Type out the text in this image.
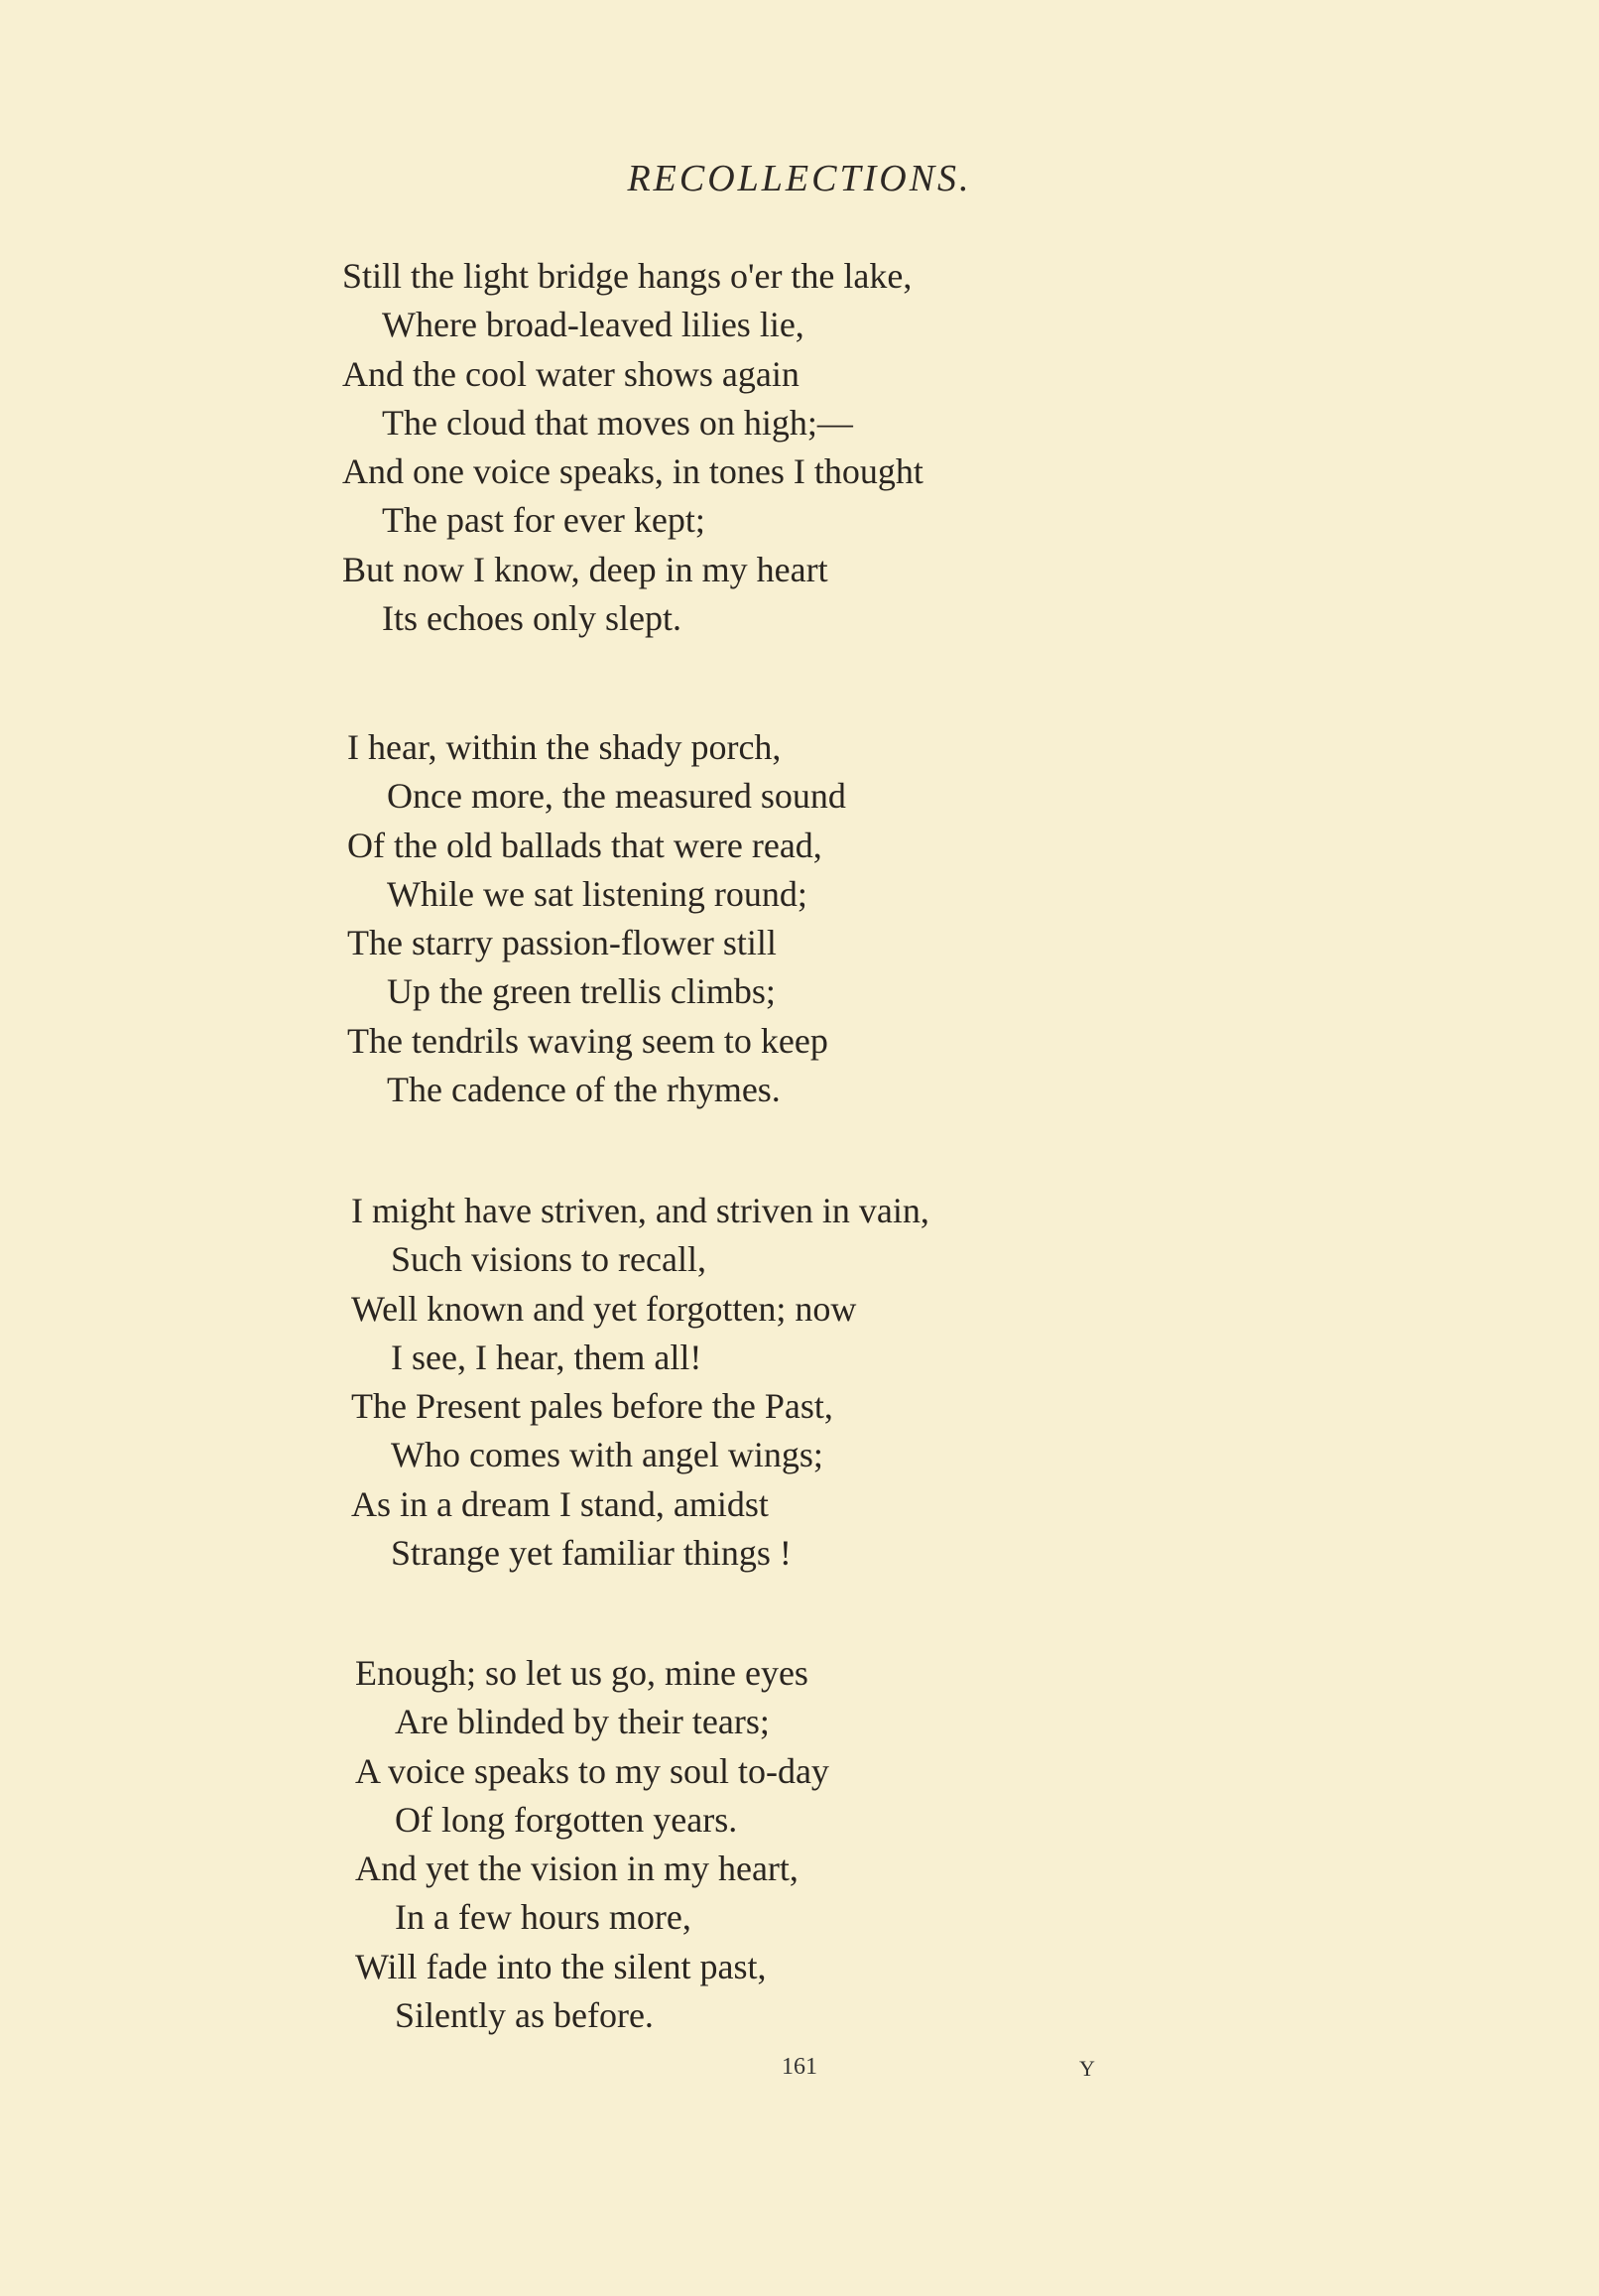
RECOLLECTIONS.
Still the light bridge hangs o'er the lake,
Where broad-leaved lilies lie,
And the cool water shows again
The cloud that moves on high;—
And one voice speaks, in tones I thought
The past for ever kept;
But now I know, deep in my heart
Its echoes only slept.
I hear, within the shady porch,
Once more, the measured sound
Of the old ballads that were read,
While we sat listening round;
The starry passion-flower still
Up the green trellis climbs;
The tendrils waving seem to keep
The cadence of the rhymes.
I might have striven, and striven in vain,
Such visions to recall,
Well known and yet forgotten; now
I see, I hear, them all!
The Present pales before the Past,
Who comes with angel wings;
As in a dream I stand, amidst
Strange yet familiar things !
Enough; so let us go, mine eyes
Are blinded by their tears;
A voice speaks to my soul to-day
Of long forgotten years.
And yet the vision in my heart,
In a few hours more,
Will fade into the silent past,
Silently as before.
161	Y
